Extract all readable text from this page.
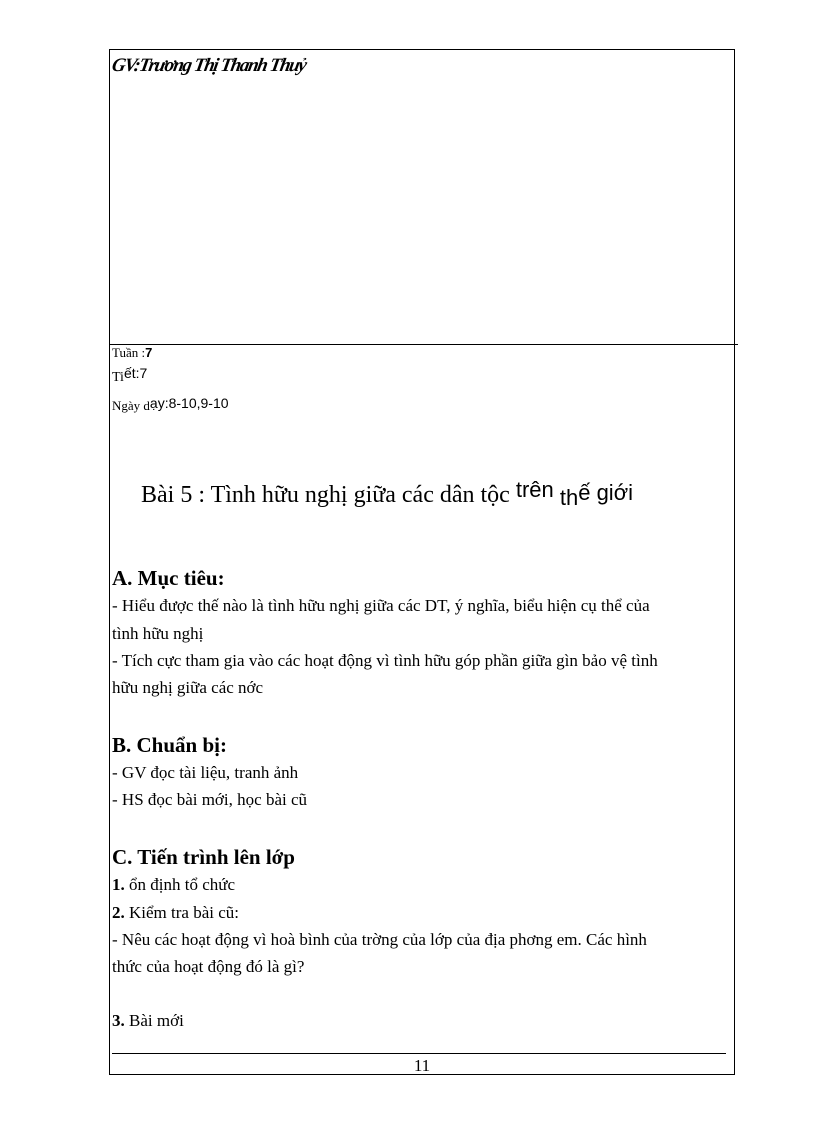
GV:Trương Thị Thanh Thuỷ
Tuần :7
Tiết:7
Ngày dạy:8-10,9-10
Bài 5 : Tình hữu nghị giữa các dân tộc trên thế giới
A. Mục tiêu:
- Hiểu được thế nào là tình hữu nghị giữa các DT, ý nghĩa, biểu hiện cụ thể của
tình hữu nghị
- Tích cực tham gia vào các hoạt động vì tình hữu góp phần giữa gìn bảo vệ tình
hữu nghị giữa các nớc
B. Chuẩn bị:
- GV đọc tài liệu, tranh ảnh
- HS đọc bài mới, học bài cũ
C. Tiến trình lên lớp
1. ổn định tổ chức
2. Kiểm tra bài cũ:
- Nêu các hoạt động vì hoà bình của trờng của lớp của địa phơng em. Các hình
thức của hoạt động đó là gì?
3. Bài mới
11
